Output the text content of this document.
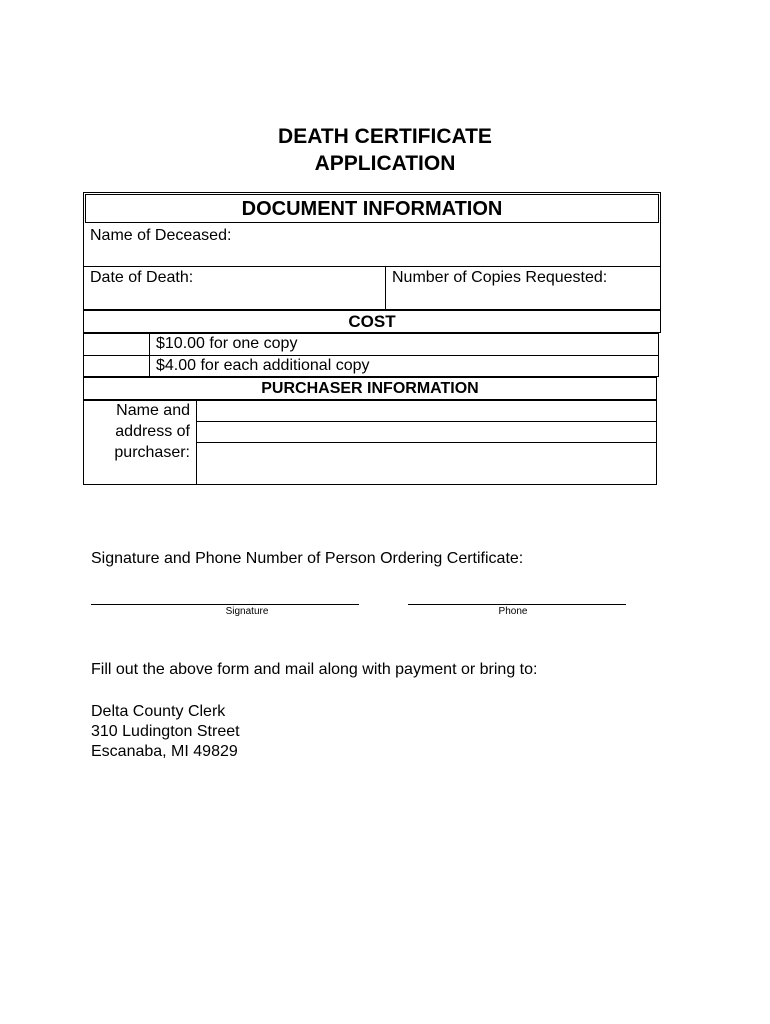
DEATH CERTIFICATE
APPLICATION
DOCUMENT INFORMATION
Name of Deceased:
Date of Death:	Number of Copies Requested:
COST
$10.00 for one copy
$4.00 for each additional copy
PURCHASER INFORMATION
Name and
address of
purchaser:
Signature and Phone Number of Person Ordering Certificate:
Signature	Phone
Fill out the above form and mail along with payment or bring to:
Delta County Clerk
310 Ludington Street
Escanaba, MI 49829
